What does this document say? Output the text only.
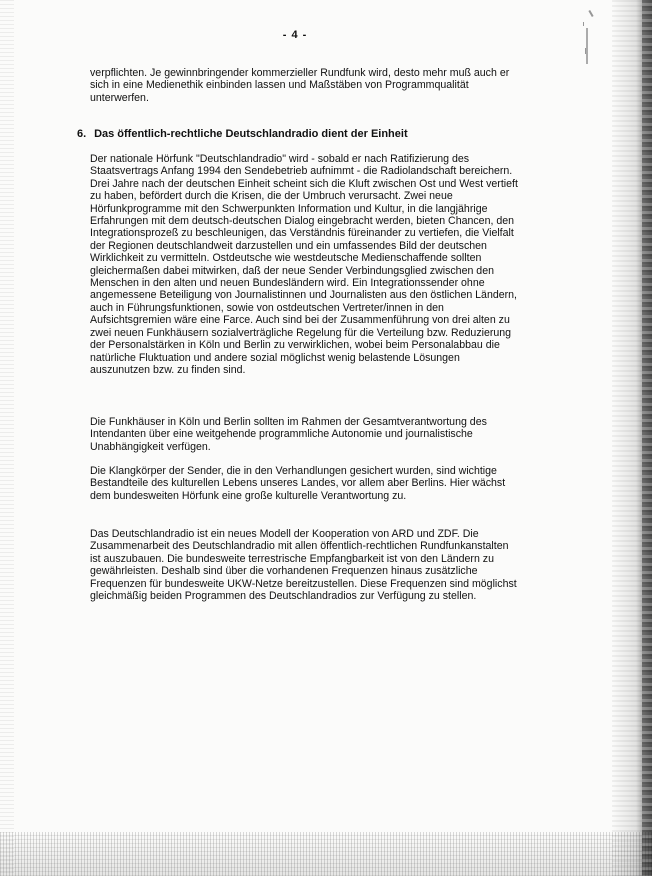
- 4 -

verpflichten. Je gewinnbringender kommerzieller Rundfunk wird, desto mehr muß auch er sich in eine Medienethik einbinden lassen und Maßstäben von Programmqualität unterwerfen.

6. Das öffentlich-rechtliche Deutschlandradio dient der Einheit

Der nationale Hörfunk "Deutschlandradio" wird - sobald er nach Ratifizierung des Staatsvertrags Anfang 1994 den Sendebetrieb aufnimmt - die Radiolandschaft bereichern. Drei Jahre nach der deutschen Einheit scheint sich die Kluft zwischen Ost und West vertieft zu haben, befördert durch die Krisen, die der Umbruch verursacht. Zwei neue Hörfunkprogramme mit den Schwerpunkten Information und Kultur, in die langjährige Erfahrungen mit dem deutsch-deutschen Dialog eingebracht werden, bieten Chancen, den Integrationsprozeß zu beschleunigen, das Verständnis füreinander zu vertiefen, die Vielfalt der Regionen deutschlandweit darzustellen und ein umfassendes Bild der deutschen Wirklichkeit zu vermitteln. Ostdeutsche wie westdeutsche Medienschaffende sollten gleichermaßen dabei mitwirken, daß der neue Sender Verbindungsglied zwischen den Menschen in den alten und neuen Bundesländern wird. Ein Integrationssender ohne angemessene Beteiligung von Journalistinnen und Journalisten aus den östlichen Ländern, auch in Führungsfunktionen, sowie von ostdeutschen Vertreter/innen in den Aufsichtsgremien wäre eine Farce. Auch sind bei der Zusammenführung von drei alten zu zwei neuen Funkhäusern sozialverträgliche Regelung für die Verteilung bzw. Reduzierung der Personalstärken in Köln und Berlin zu verwirklichen, wobei beim Personalabbau die natürliche Fluktuation und andere sozial möglichst wenig belastende Lösungen auszunutzen bzw. zu finden sind.

Die Funkhäuser in Köln und Berlin sollten im Rahmen der Gesamtverantwortung des Intendanten über eine weitgehende programmliche Autonomie und journalistische Unabhängigkeit verfügen.

Die Klangkörper der Sender, die in den Verhandlungen gesichert wurden, sind wichtige Bestandteile des kulturellen Lebens unseres Landes, vor allem aber Berlins. Hier wächst dem bundesweiten Hörfunk eine große kulturelle Verantwortung zu.

Das Deutschlandradio ist ein neues Modell der Kooperation von ARD und ZDF. Die Zusammenarbeit des Deutschlandradio mit allen öffentlich-rechtlichen Rundfunkanstalten ist auszubauen. Die bundesweite terrestrische Empfangbarkeit ist von den Ländern zu gewährleisten. Deshalb sind über die vorhandenen Frequenzen hinaus zusätzliche Frequenzen für bundesweite UKW-Netze bereitzustellen. Diese Frequenzen sind möglichst gleichmäßig beiden Programmen des Deutschlandradios zur Verfügung zu stellen.
